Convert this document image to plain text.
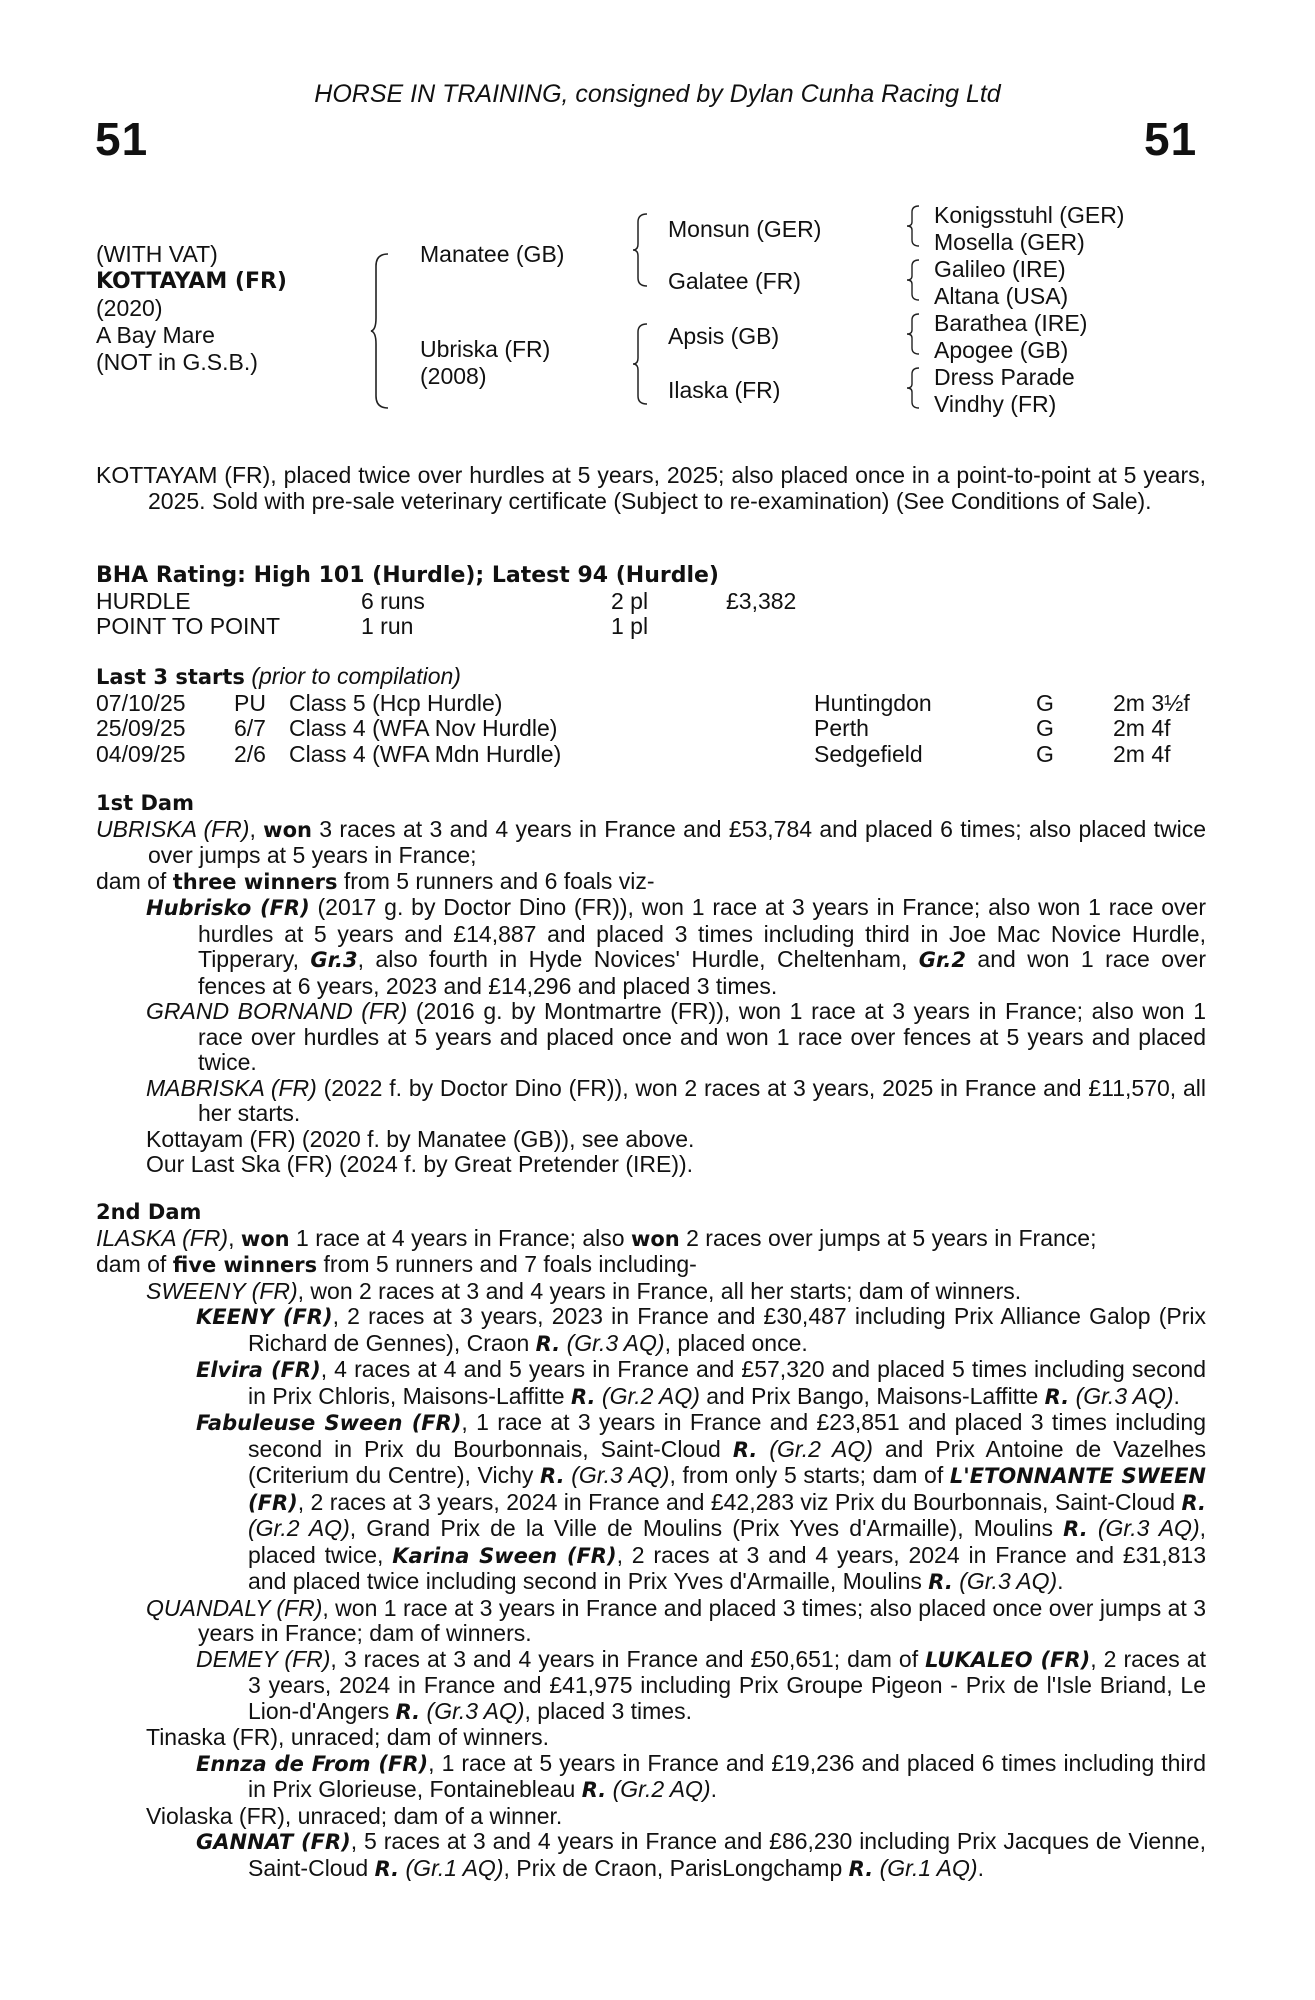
HORSE IN TRAINING, consigned by Dylan Cunha Racing Ltd
51	51
(WITH VAT)
KOTTAYAM (FR)
(2020)
A Bay Mare
(NOT in G.S.B.)
Manatee (GB)
Ubriska (FR)
(2008)
Monsun (GER)
Galatee (FR)
Apsis (GB)
Ilaska (FR)
Konigsstuhl (GER)
Mosella (GER)
Galileo (IRE)
Altana (USA)
Barathea (IRE)
Apogee (GB)
Dress Parade
Vindhy (FR)

KOTTAYAM (FR), placed twice over hurdles at 5 years, 2025; also placed once in a point-to-point at 5 years, 2025. Sold with pre-sale veterinary certificate (Subject to re-examination) (See Conditions of Sale).

BHA Rating: High 101 (Hurdle); Latest 94 (Hurdle)
HURDLE	6 runs	2 pl	£3,382
POINT TO POINT	1 run	1 pl	
Last 3 starts (prior to compilation)
07/10/25	PU	Class 5 (Hcp Hurdle)	Huntingdon	G	2m 3½f
25/09/25	6/7	Class 4 (WFA Nov Hurdle)	Perth	G	2m 4f
04/09/25	2/6	Class 4 (WFA Mdn Hurdle)	Sedgefield	G	2m 4f
1st Dam

UBRISKA (FR), won 3 races at 3 and 4 years in France and £53,784 and placed 6 times; also placed twice over jumps at 5 years in France;

dam of three winners from 5 runners and 6 foals viz-

Hubrisko (FR) (2017 g. by Doctor Dino (FR)), won 1 race at 3 years in France; also won 1 race over hurdles at 5 years and £14,887 and placed 3 times including third in Joe Mac Novice Hurdle, Tipperary, Gr.3, also fourth in Hyde Novices' Hurdle, Cheltenham, Gr.2 and won 1 race over fences at 6 years, 2023 and £14,296 and placed 3 times.

GRAND BORNAND (FR) (2016 g. by Montmartre (FR)), won 1 race at 3 years in France; also won 1 race over hurdles at 5 years and placed once and won 1 race over fences at 5 years and placed twice.

MABRISKA (FR) (2022 f. by Doctor Dino (FR)), won 2 races at 3 years, 2025 in France and £11,570, all her starts.

Kottayam (FR) (2020 f. by Manatee (GB)), see above.

Our Last Ska (FR) (2024 f. by Great Pretender (IRE)).

2nd Dam

ILASKA (FR), won 1 race at 4 years in France; also won 2 races over jumps at 5 years in France;

dam of five winners from 5 runners and 7 foals including-

SWEENY (FR), won 2 races at 3 and 4 years in France, all her starts; dam of winners.

KEENY (FR), 2 races at 3 years, 2023 in France and £30,487 including Prix Alliance Galop (Prix Richard de Gennes), Craon R. (Gr.3 AQ), placed once.

Elvira (FR), 4 races at 4 and 5 years in France and £57,320 and placed 5 times including second in Prix Chloris, Maisons-Laffitte R. (Gr.2 AQ) and Prix Bango, Maisons-Laffitte R. (Gr.3 AQ).

Fabuleuse Sween (FR), 1 race at 3 years in France and £23,851 and placed 3 times including second in Prix du Bourbonnais, Saint-Cloud R. (Gr.2 AQ) and Prix Antoine de Vazelhes (Criterium du Centre), Vichy R. (Gr.3 AQ), from only 5 starts; dam of L'ETONNANTE SWEEN (FR), 2 races at 3 years, 2024 in France and £42,283 viz Prix du Bourbonnais, Saint-Cloud R. (Gr.2 AQ), Grand Prix de la Ville de Moulins (Prix Yves d'Armaille), Moulins R. (Gr.3 AQ), placed twice, Karina Sween (FR), 2 races at 3 and 4 years, 2024 in France and £31,813 and placed twice including second in Prix Yves d'Armaille, Moulins R. (Gr.3 AQ).

QUANDALY (FR), won 1 race at 3 years in France and placed 3 times; also placed once over jumps at 3 years in France; dam of winners.

DEMEY (FR), 3 races at 3 and 4 years in France and £50,651; dam of LUKALEO (FR), 2 races at 3 years, 2024 in France and £41,975 including Prix Groupe Pigeon - Prix de l'Isle Briand, Le Lion-d'Angers R. (Gr.3 AQ), placed 3 times.

Tinaska (FR), unraced; dam of winners.

Ennza de From (FR), 1 race at 5 years in France and £19,236 and placed 6 times including third in Prix Glorieuse, Fontainebleau R. (Gr.2 AQ).

Violaska (FR), unraced; dam of a winner.

GANNAT (FR), 5 races at 3 and 4 years in France and £86,230 including Prix Jacques de Vienne, Saint-Cloud R. (Gr.1 AQ), Prix de Craon, ParisLongchamp R. (Gr.1 AQ).
